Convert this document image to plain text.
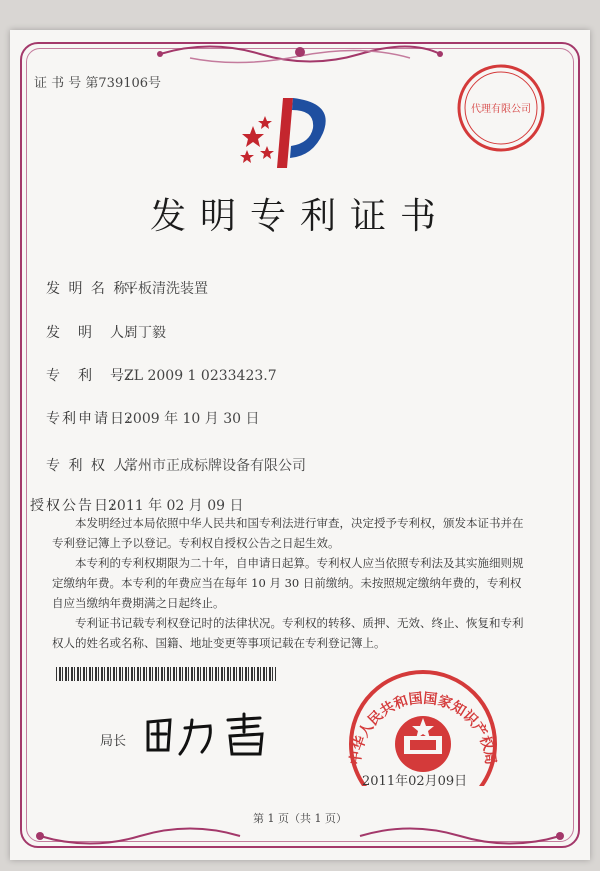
证 书 号 第739106号
代理有限公司
发明专利证书
发 明 名 称:平板清洗装置
发　明　人:周丁毅
专　利　号:ZL 2009 1 0233423.7
专利申请日:2009 年 10 月 30 日
专 利 权 人:常州市正成标牌设备有限公司
授权公告日:2011 年 02 月 09 日

本发明经过本局依照中华人民共和国专利法进行审查，决定授予专利权，颁发本证书并在专利登记簿上予以登记。专利权自授权公告之日起生效。

本专利的专利权期限为二十年，自申请日起算。专利权人应当依照专利法及其实施细则规定缴纳年费。本专利的年费应当在每年 10 月 30 日前缴纳。未按照规定缴纳年费的，专利权自应当缴纳年费期满之日起终止。

专利证书记载专利权登记时的法律状况。专利权的转移、质押、无效、终止、恢复和专利权人的姓名或名称、国籍、地址变更等事项记载在专利登记簿上。

局长
中华人民共和国国家知识产权局
2011年02月09日
第 1 页（共 1 页）
